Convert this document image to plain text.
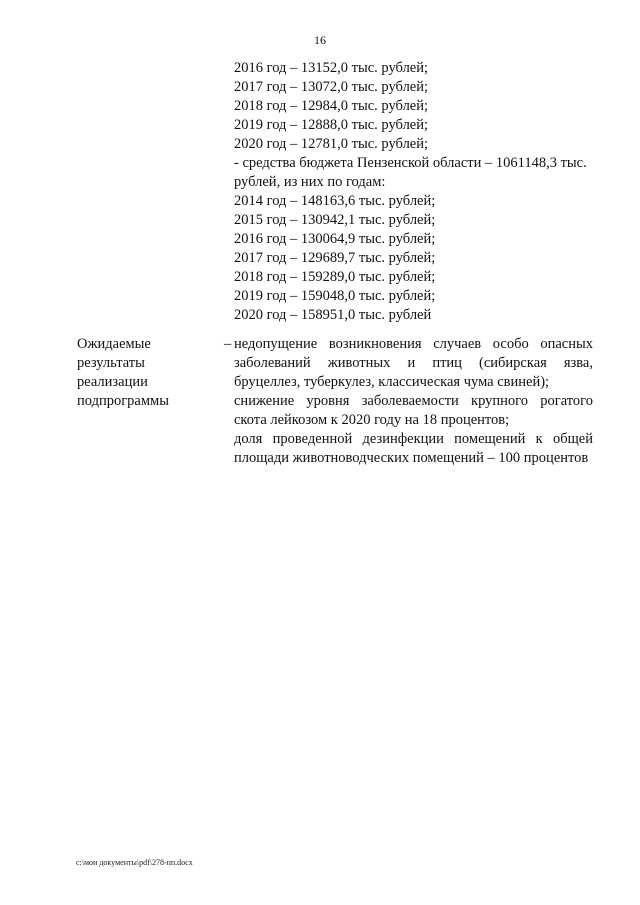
16
2016 год – 13152,0 тыс. рублей;
2017 год – 13072,0 тыс. рублей;
2018 год – 12984,0 тыс. рублей;
2019 год – 12888,0 тыс. рублей;
2020 год – 12781,0 тыс. рублей;
- средства бюджета Пензенской области – 1061148,3 тыс. рублей, из них по годам:
2014 год – 148163,6 тыс. рублей;
2015 год – 130942,1 тыс. рублей;
2016 год – 130064,9 тыс. рублей;
2017 год – 129689,7 тыс. рублей;
2018 год – 159289,0 тыс. рублей;
2019 год – 159048,0 тыс. рублей;
2020 год – 158951,0 тыс. рублей
Ожидаемые
результаты
реализации
подпрограммы
– недопущение возникновения случаев особо опасных заболеваний животных и птиц (сибирская язва, бруцеллез, туберкулез, классическая чума свиней);
снижение уровня заболеваемости крупного рогатого скота лейкозом к 2020 году на 18 процентов;
доля проведенной дезинфекции помещений к общей площади животноводческих помещений – 100 процентов
c:\мои документы\pdf\278-пп.docx
